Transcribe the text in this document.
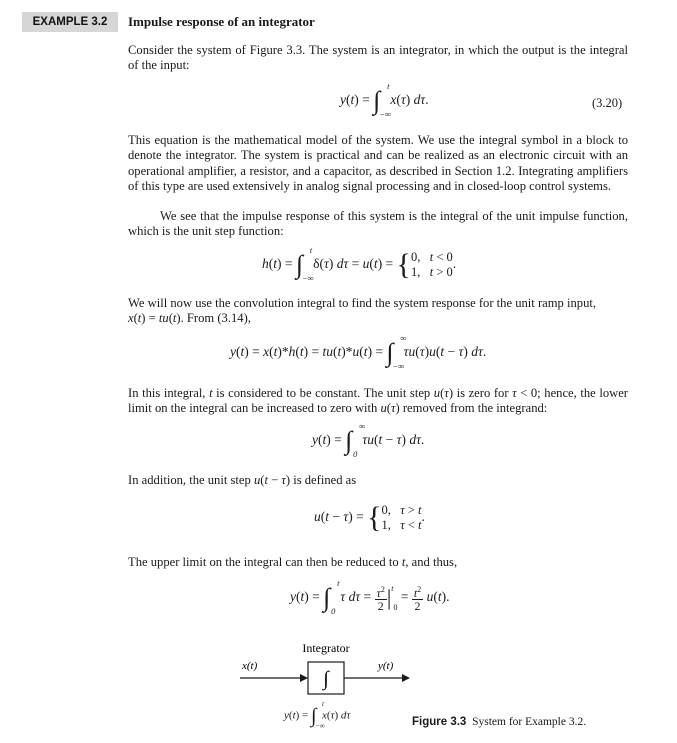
EXAMPLE 3.2	Impulse response of an integrator
Consider the system of Figure 3.3. The system is an integrator, in which the output is the integral of the input:
y(t) = ∫ t
−∞
x(τ) dτ.	(3.20)
This equation is the mathematical model of the system. We use the integral symbol in a block to denote the integrator. The system is practical and can be realized as an electronic circuit with an operational amplifier, a resistor, and a capacitor, as described in Section 1.2. Integrating amplifiers of this type are used extensively in analog signal processing and in closed-loop control systems.
We see that the impulse response of this system is the integral of the unit impulse function, which is the unit step function:
h(t) = ∫ t
−∞
δ(τ) dτ = u(t) = {0,   t < 0
1,   t > 0.
We will now use the convolution integral to find the system response for the unit ramp input,
x(t) = tu(t). From (3.14),
y(t) = x(t)*h(t) = tu(t)*u(t) = ∫ ∞
−∞
τu(τ)u(t − τ) dτ.
In this integral, t is considered to be constant. The unit step u(τ) is zero for τ < 0; hence, the lower limit on the integral can be increased to zero with u(τ) removed from the integrand:
y(t) = ∫ ∞
0
τu(t − τ) dτ.
In addition, the unit step u(t − τ) is defined as
u(t − τ) = {0,   τ > t
1,   τ < t.
The upper limit on the integral can then be reduced to t, and thus,
y(t) = ∫ t
0
τ $d\tau = \frac{\tau^2}{2}|^t0 = \frac{t^2}{2} u(t)$.
Integrator
x(t)	y(t)
∫
y(t) = ∫
t
−∞
x(τ) dτ
Figure 3.3 System for Example 3.2.
